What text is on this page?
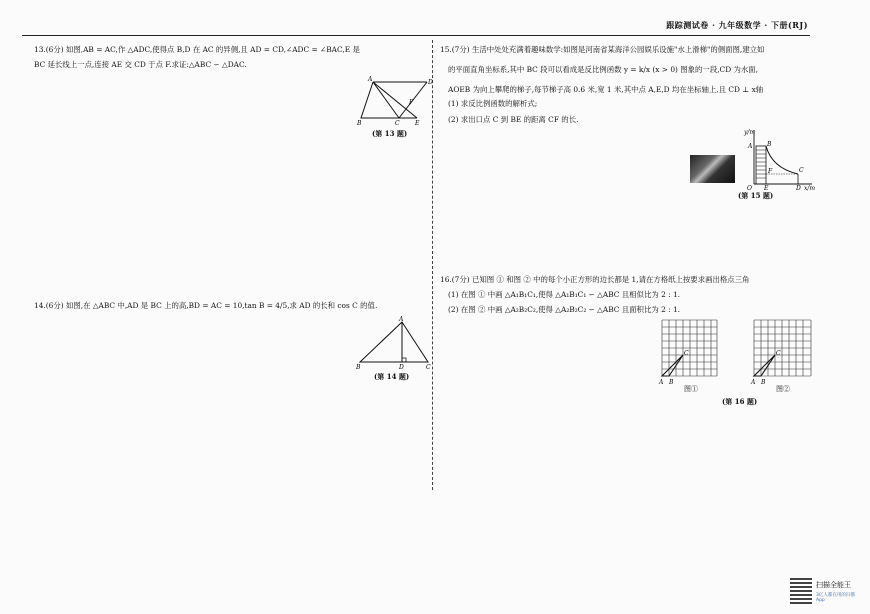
跟踪测试卷 · 九年级数学 · 下册(RJ)
13.(6分) 如图,AB = AC,作 △ADC,使得点 B,D 在 AC 的异侧,且 AD = CD,∠ADC = ∠BAC,E 是
BC 延长线上一点,连接 AE 交 CD 于点 F.求证:△ABC ∽ △DAC.
A	D
F
B	C	E
(第 13 题)
14.(6分) 如图,在 △ABC 中,AD 是 BC 上的高,BD = AC = 10,tan B = 4/5,求 AD 的长和 cos C 的值.
A
B	D	C
(第 14 题)
15.(7分) 生活中处处充满着趣味数学:如图是河南省某海洋公园娱乐设施"水上滑梯"的侧面图,建立如
的平面直角坐标系,其中 BC 段可以看成是反比例函数 y = k/x (x > 0) 图象的一段,CD 为水面,
AOEB 为向上攀爬的梯子,每节梯子高 0.6 米,宽 1 米,其中点 A,E,D 均在坐标轴上,且 CD ⊥ x轴
(1) 求反比例函数的解析式;
(2) 求出口点 C 到 BE 的距离 CF 的长.
y/m
A B
F	C
O E	D x/m
(第 15 题)
16.(7分) 已知图 ① 和图 ② 中的每个小正方形的边长都是 1,请在方格纸上按要求画出格点三角
(1) 在图 ① 中画 △A₁B₁C₁,使得 △A₁B₁C₁ ∽ △ABC 且相似比为 2 : 1.
(2) 在图 ② 中画 △A₂B₂C₂,使得 △A₂B₂C₂ ∽ △ABC 且面积比为 2 : 1.
A B
C
图①
A B
C
图②
(第 16 题)
扫描全能王
3亿人都在用的扫描App
